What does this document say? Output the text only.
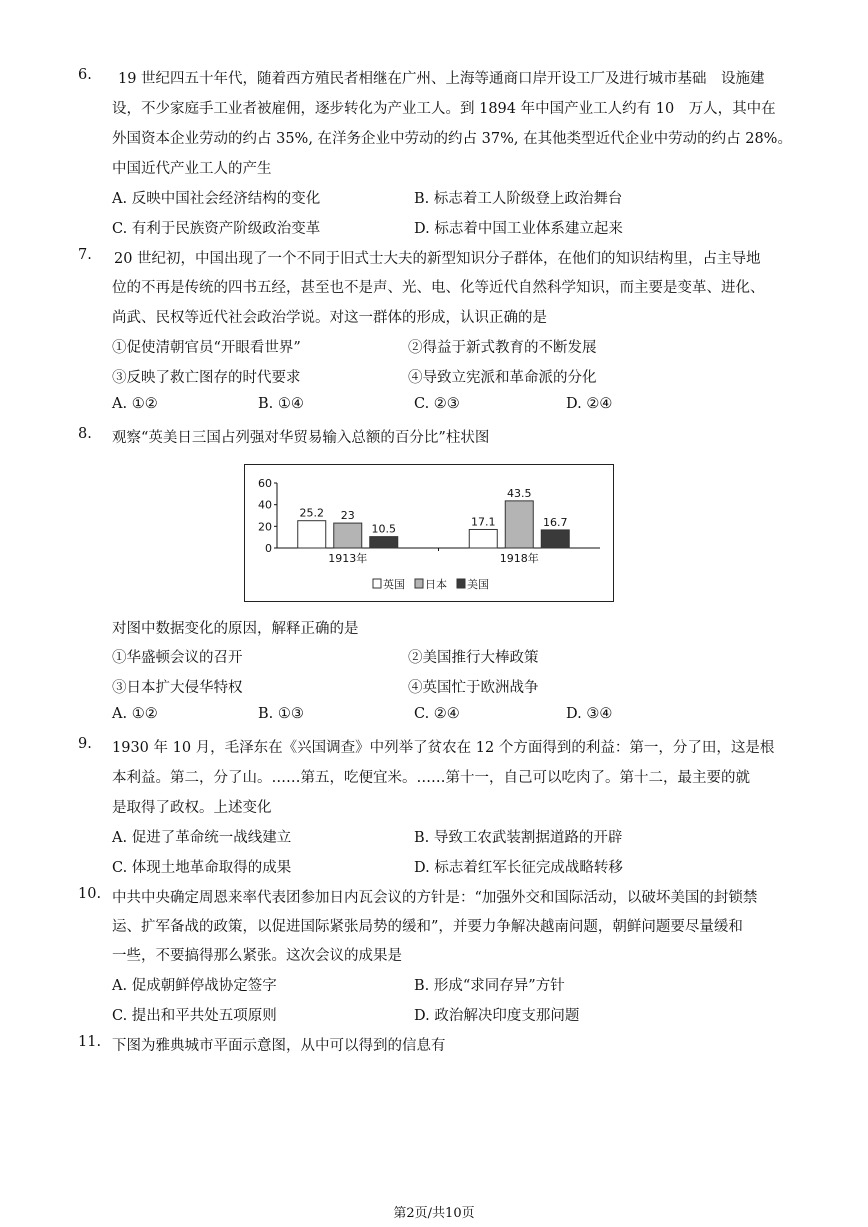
6. 19 世纪四五十年代，随着西方殖民者相继在广州、上海等通商口岸开设工厂及进行城市基础　设施建
设，不少家庭手工业者被雇佣，逐步转化为产业工人。到 1894 年中国产业工人约有 10　万人，其中在
外国资本企业劳动的约占 35%, 在洋务企业中劳动的约占 37%, 在其他类型近代企业中劳动的约占 28%。
中国近代产业工人的产生
A. 反映中国社会经济结构的变化	B. 标志着工人阶级登上政治舞台
C. 有利于民族资产阶级政治变革	D. 标志着中国工业体系建立起来
7. 20 世纪初，中国出现了一个不同于旧式士大夫的新型知识分子群体，在他们的知识结构里，占主导地
位的不再是传统的四书五经，甚至也不是声、光、电、化等近代自然科学知识，而主要是变革、进化、
尚武、民权等近代社会政治学说。对这一群体的形成，认识正确的是
①促使清朝官员“开眼看世界”	②得益于新式教育的不断发展
③反映了救亡图存的时代要求	④导致立宪派和革命派的分化
A. ①②	B. ①④	C. ②③	D. ②④
8. 观察“英美日三国占列强对华贸易输入总额的百分比”柱状图
0
20
40
60
25.2 23
10.5
1913年
17.1
43.5
16.7
1918年
英国 日本 美国
对图中数据变化的原因，解释正确的是
①华盛顿会议的召开	②美国推行大棒政策
③日本扩大侵华特权	④英国忙于欧洲战争
A. ①②	B. ①③	C. ②④	D. ③④
9. 1930 年 10 月，毛泽东在《兴国调查》中列举了贫农在 12 个方面得到的利益：第一，分了田，这是根
本利益。第二，分了山。……第五，吃便宜米。……第十一，自己可以吃肉了。第十二，最主要的就
是取得了政权。上述变化
A. 促进了革命统一战线建立	B. 导致工农武装割据道路的开辟
C. 体现土地革命取得的成果	D. 标志着红军长征完成战略转移
10. 中共中央确定周恩来率代表团参加日内瓦会议的方针是：“加强外交和国际活动，以破坏美国的封锁禁
运、扩军备战的政策，以促进国际紧张局势的缓和”，并要力争解决越南问题，朝鲜问题要尽量缓和
一些，不要搞得那么紧张。这次会议的成果是
A. 促成朝鲜停战协定签字	B. 形成“求同存异”方针
C. 提出和平共处五项原则	D. 政治解决印度支那问题
11. 下图为雅典城市平面示意图，从中可以得到的信息有
第2页/共10页
